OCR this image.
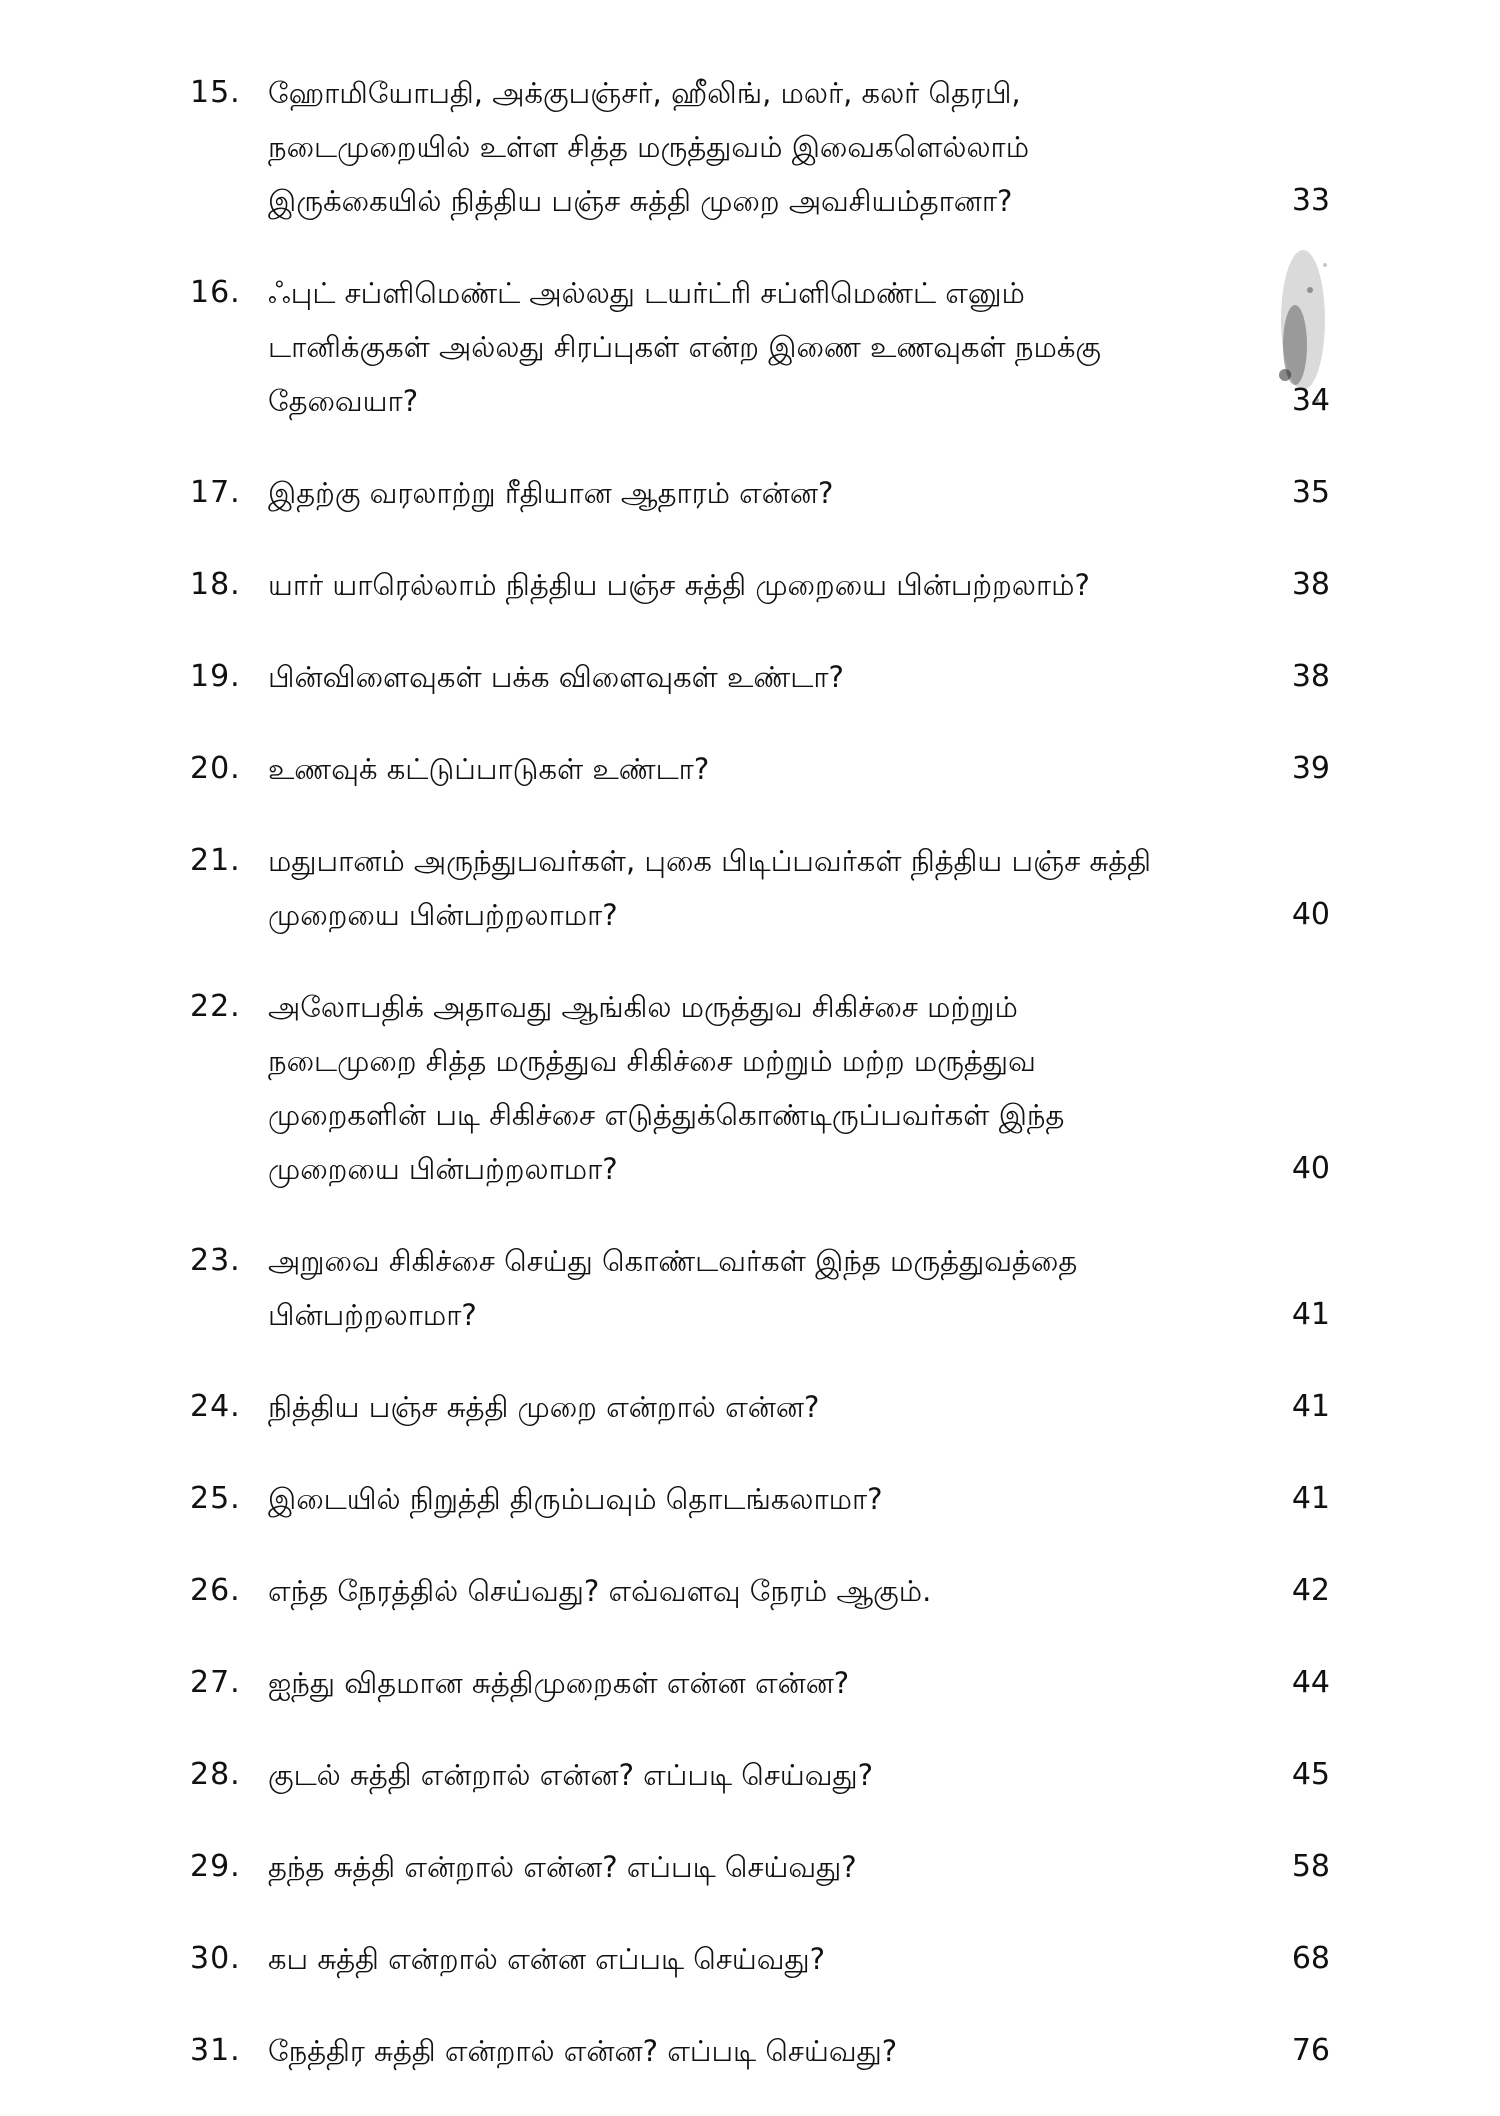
15. ஹோமியோபதி, அக்குபஞ்சர், ஹீலிங், மலர், கலர் தெரபி,
நடைமுறையில் உள்ள சித்த மருத்துவம் இவைகளெல்லாம்
இருக்கையில் நித்திய பஞ்ச சுத்தி முறை அவசியம்தானா?	33
16. ஃபுட் சப்ளிமெண்ட் அல்லது டயர்ட்ரி சப்ளிமெண்ட் எனும்
டானிக்குகள் அல்லது சிரப்புகள் என்ற இணை உணவுகள் நமக்கு
தேவையா?	34
17. இதற்கு வரலாற்று ரீதியான ஆதாரம் என்ன?	35
18. யார் யாரெல்லாம் நித்திய பஞ்ச சுத்தி முறையை பின்பற்றலாம்?	38
19. பின்விளைவுகள் பக்க விளைவுகள் உண்டா?	38
20. உணவுக் கட்டுப்பாடுகள் உண்டா?	39
21. மதுபானம் அருந்துபவர்கள், புகை பிடிப்பவர்கள் நித்திய பஞ்ச சுத்தி
முறையை பின்பற்றலாமா?	40
22. அலோபதிக் அதாவது ஆங்கில மருத்துவ சிகிச்சை மற்றும்
நடைமுறை சித்த மருத்துவ சிகிச்சை மற்றும் மற்ற மருத்துவ
முறைகளின் படி சிகிச்சை எடுத்துக்கொண்டிருப்பவர்கள் இந்த
முறையை பின்பற்றலாமா?	40
23. அறுவை சிகிச்சை செய்து கொண்டவர்கள் இந்த மருத்துவத்தை
பின்பற்றலாமா?	41
24. நித்திய பஞ்ச சுத்தி முறை என்றால் என்ன?	41
25. இடையில் நிறுத்தி திரும்பவும் தொடங்கலாமா?	41
26. எந்த நேரத்தில் செய்வது? எவ்வளவு நேரம் ஆகும்.	42
27. ஐந்து விதமான சுத்திமுறைகள் என்ன என்ன?	44
28. குடல் சுத்தி என்றால் என்ன? எப்படி செய்வது?	45
29. தந்த சுத்தி என்றால் என்ன? எப்படி செய்வது?	58
30. கப சுத்தி என்றால் என்ன எப்படி செய்வது?	68
31. நேத்திர சுத்தி என்றால் என்ன? எப்படி செய்வது?	76
